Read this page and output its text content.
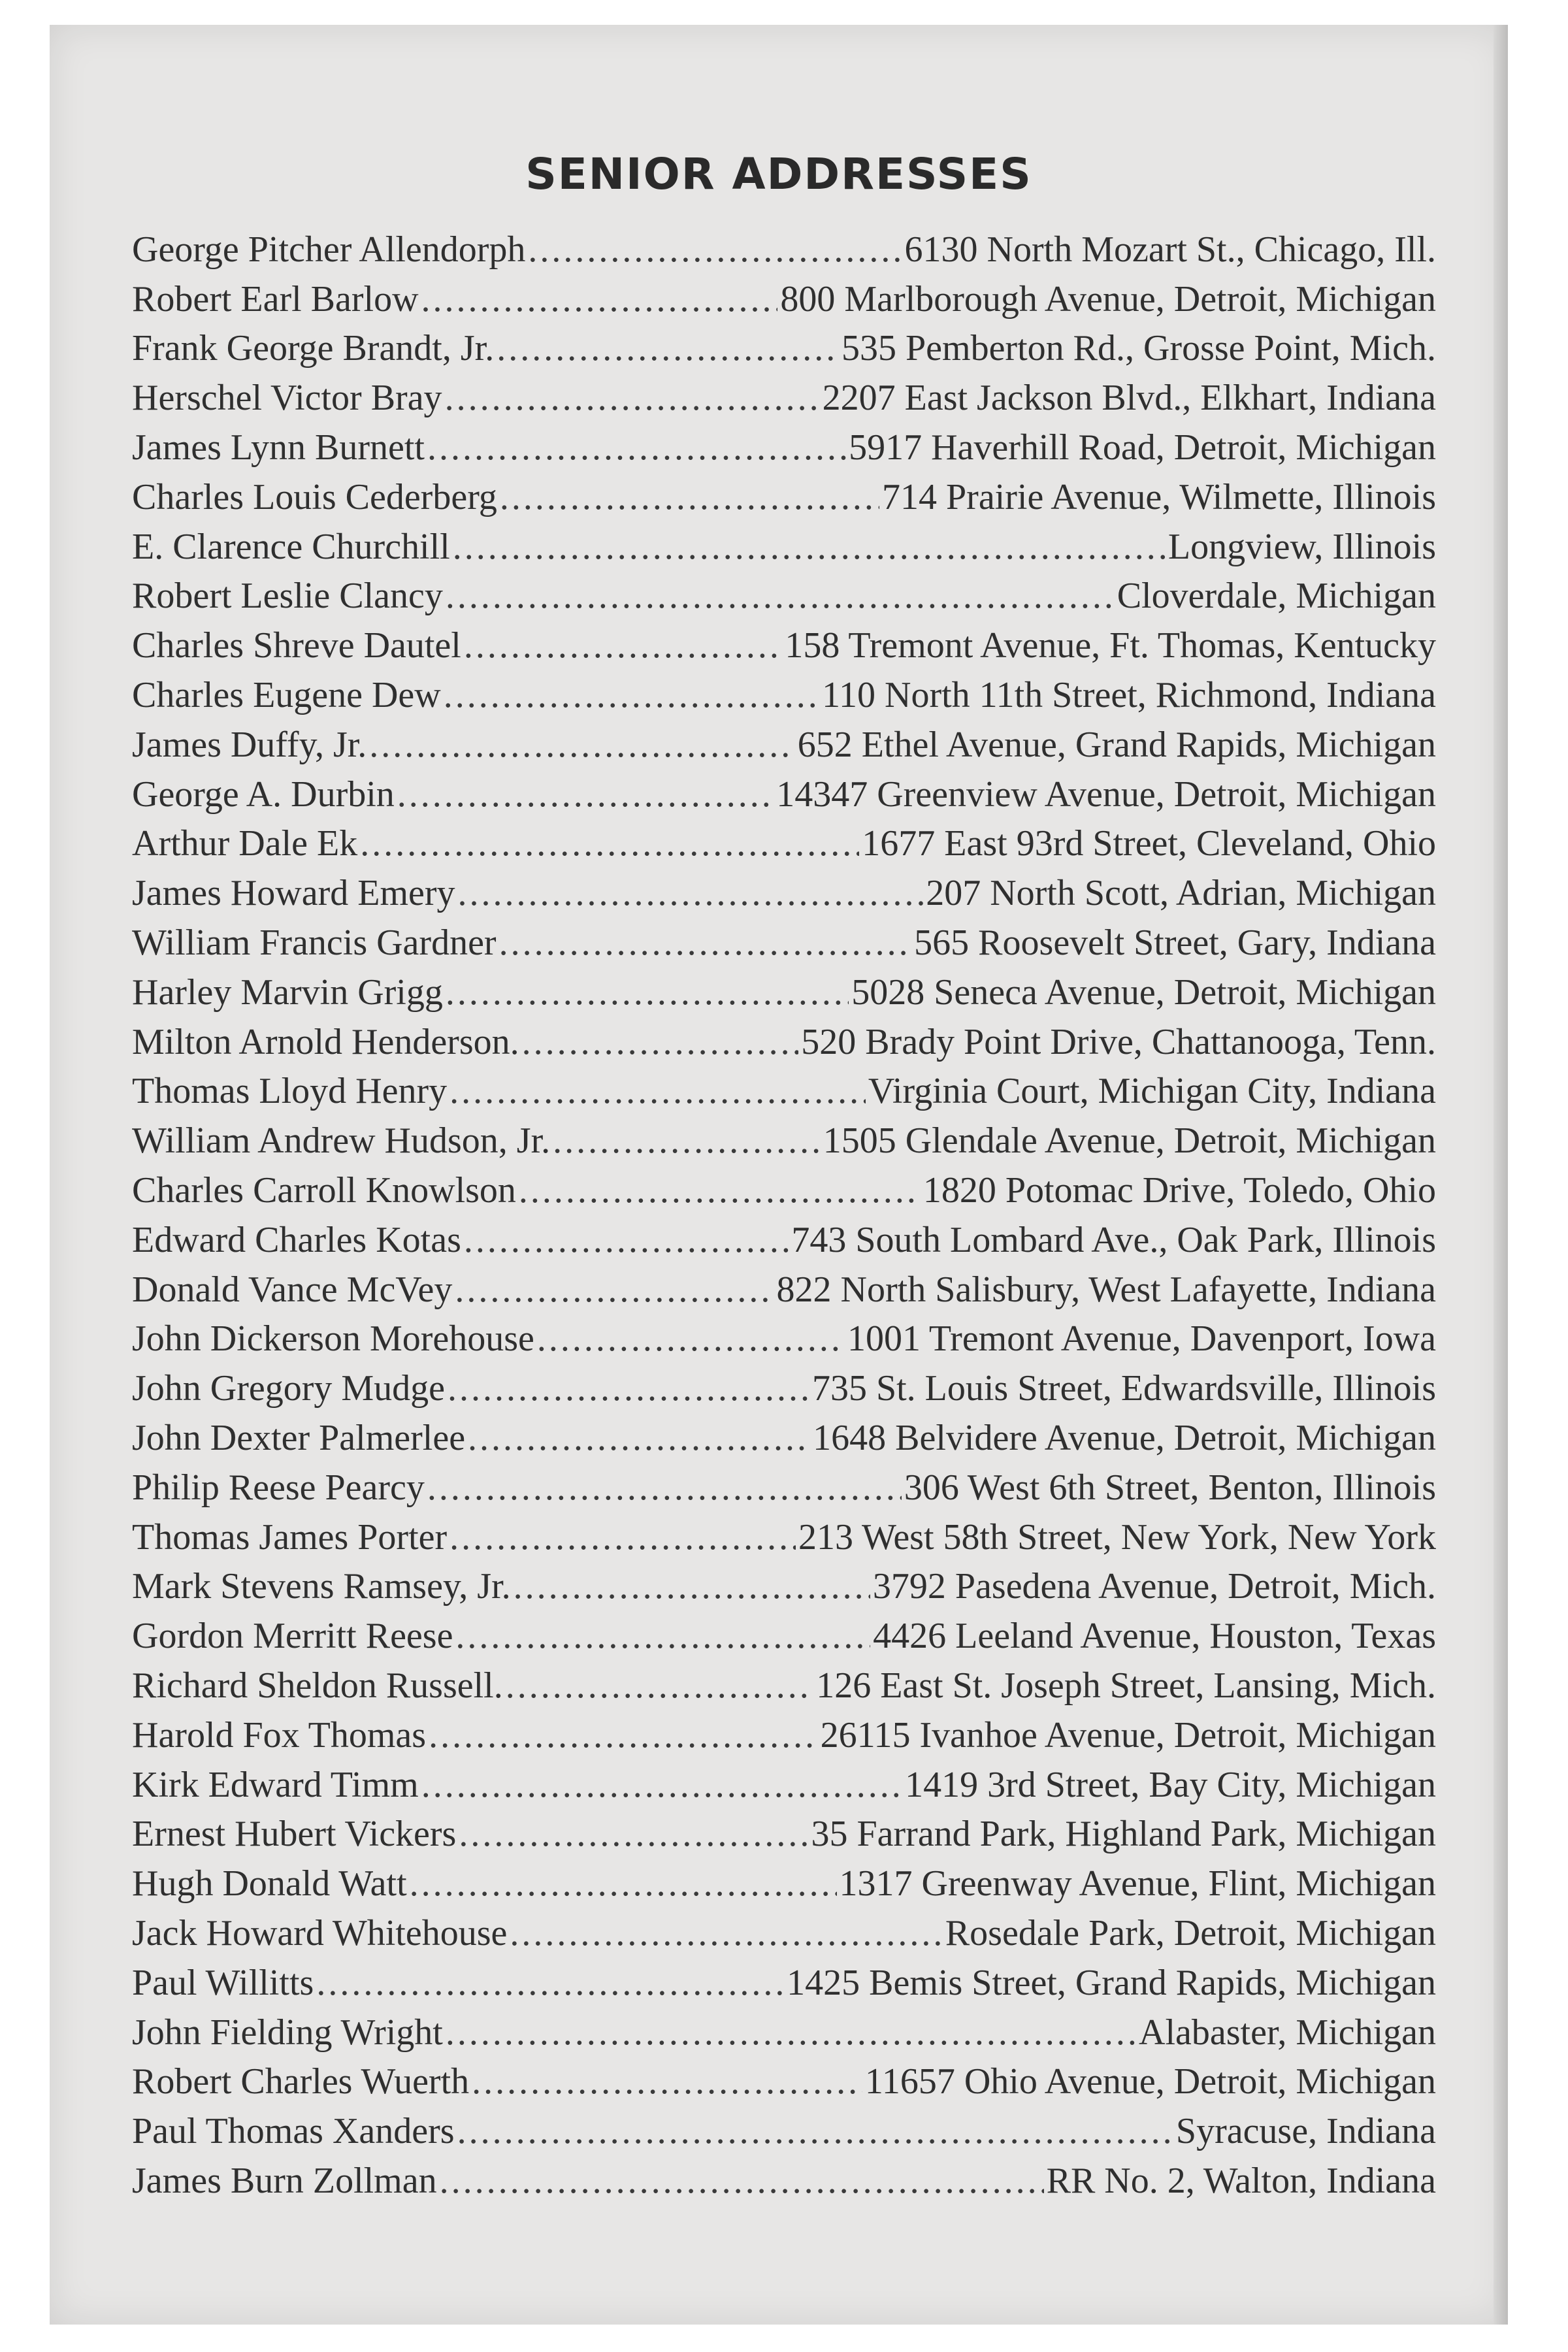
SENIOR ADDRESSES
George Pitcher Allendorph .....	6130 North Mozart St., Chicago, Ill.
Robert Earl Barlow .....	800 Marlborough Avenue, Detroit, Michigan
Frank George Brandt, Jr. .....	535 Pemberton Rd., Grosse Point, Mich.
Herschel Victor Bray .....	2207 East Jackson Blvd., Elkhart, Indiana
James Lynn Burnett .....	5917 Haverhill Road, Detroit, Michigan
Charles Louis Cederberg .....	714 Prairie Avenue, Wilmette, Illinois
E. Clarence Churchill .....	Longview, Illinois
Robert Leslie Clancy .....	Cloverdale, Michigan
Charles Shreve Dautel .....	158 Tremont Avenue, Ft. Thomas, Kentucky
Charles Eugene Dew .....	110 North 11th Street, Richmond, Indiana
James Duffy, Jr. .....	652 Ethel Avenue, Grand Rapids, Michigan
George A. Durbin .....	14347 Greenview Avenue, Detroit, Michigan
Arthur Dale Ek .....	1677 East 93rd Street, Cleveland, Ohio
James Howard Emery .....	207 North Scott, Adrian, Michigan
William Francis Gardner .....	565 Roosevelt Street, Gary, Indiana
Harley Marvin Grigg .....	5028 Seneca Avenue, Detroit, Michigan
Milton Arnold Henderson. .....	520 Brady Point Drive, Chattanooga, Tenn.
Thomas Lloyd Henry .....	Virginia Court, Michigan City, Indiana
William Andrew Hudson, Jr. .....	1505 Glendale Avenue, Detroit, Michigan
Charles Carroll Knowlson .....	1820 Potomac Drive, Toledo, Ohio
Edward Charles Kotas .....	743 South Lombard Ave., Oak Park, Illinois
Donald Vance McVey .....	822 North Salisbury, West Lafayette, Indiana
John Dickerson Morehouse .....	1001 Tremont Avenue, Davenport, Iowa
John Gregory Mudge .....	735 St. Louis Street, Edwardsville, Illinois
John Dexter Palmerlee .....	1648 Belvidere Avenue, Detroit, Michigan
Philip Reese Pearcy .....	306 West 6th Street, Benton, Illinois
Thomas James Porter .....	213 West 58th Street, New York, New York
Mark Stevens Ramsey, Jr. .....	3792 Pasedena Avenue, Detroit, Mich.
Gordon Merritt Reese .....	4426 Leeland Avenue, Houston, Texas
Richard Sheldon Russell. .....	126 East St. Joseph Street, Lansing, Mich.
Harold Fox Thomas .....	26115 Ivanhoe Avenue, Detroit, Michigan
Kirk Edward Timm .....	1419 3rd Street, Bay City, Michigan
Ernest Hubert Vickers .....	35 Farrand Park, Highland Park, Michigan
Hugh Donald Watt .....	1317 Greenway Avenue, Flint, Michigan
Jack Howard Whitehouse .....	Rosedale Park, Detroit, Michigan
Paul Willitts .....	1425 Bemis Street, Grand Rapids, Michigan
John Fielding Wright .....	Alabaster, Michigan
Robert Charles Wuerth .....	11657 Ohio Avenue, Detroit, Michigan
Paul Thomas Xanders .....	Syracuse, Indiana
James Burn Zollman .....	RR No. 2, Walton, Indiana
